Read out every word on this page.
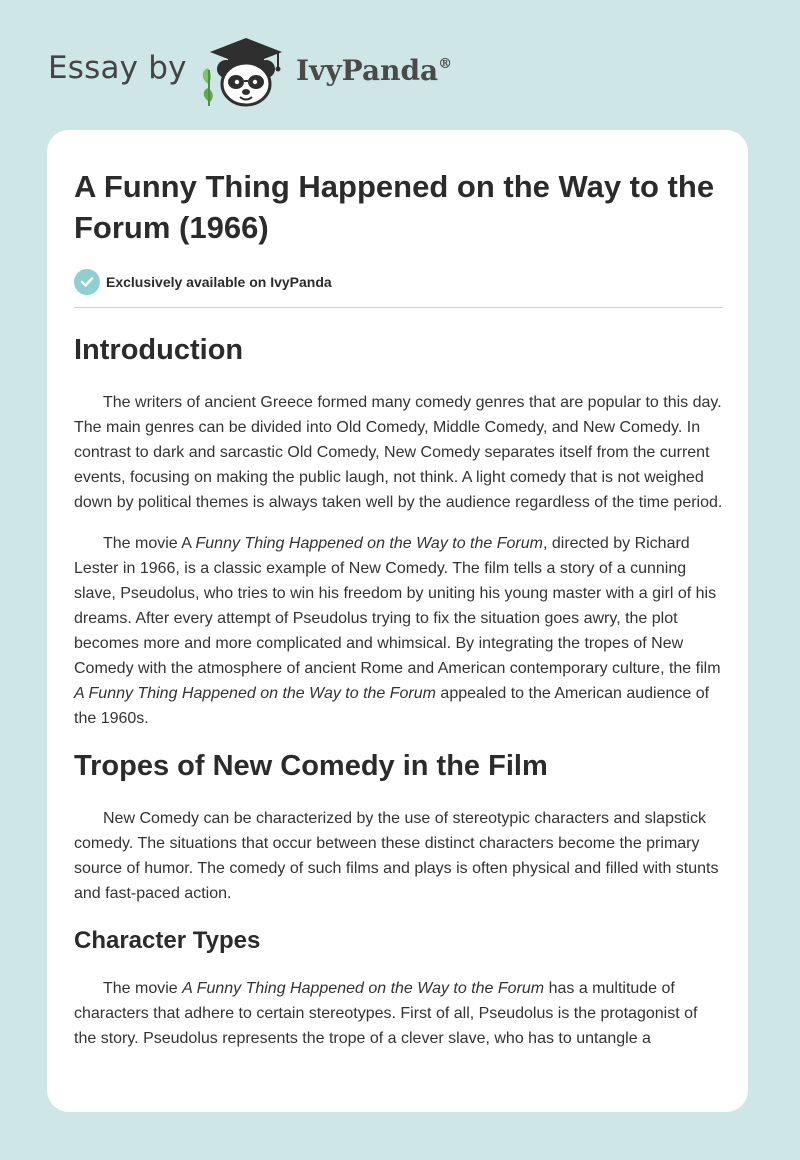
Essay by	IvyPanda®
A Funny Thing Happened on the Way to the Forum (1966)
Exclusively available on IvyPanda
Introduction

The writers of ancient Greece formed many comedy genres that are popular to this day. The main genres can be divided into Old Comedy, Middle Comedy, and New Comedy. In contrast to dark and sarcastic Old Comedy, New Comedy separates itself from the current events, focusing on making the public laugh, not think. A light comedy that is not weighed down by political themes is always taken well by the audience regardless of the time period.

The movie A Funny Thing Happened on the Way to the Forum, directed by Richard Lester in 1966, is a classic example of New Comedy. The film tells a story of a cunning slave, Pseudolus, who tries to win his freedom by uniting his young master with a girl of his dreams. After every attempt of Pseudolus trying to fix the situation goes awry, the plot becomes more and more complicated and whimsical. By integrating the tropes of New Comedy with the atmosphere of ancient Rome and American contemporary culture, the film A Funny Thing Happened on the Way to the Forum appealed to the American audience of the 1960s.

Tropes of New Comedy in the Film

New Comedy can be characterized by the use of stereotypic characters and slapstick comedy. The situations that occur between these distinct characters become the primary source of humor. The comedy of such films and plays is often physical and filled with stunts and fast-paced action.

Character Types

The movie A Funny Thing Happened on the Way to the Forum has a multitude of characters that adhere to certain stereotypes. First of all, Pseudolus is the protagonist of the story. Pseudolus represents the trope of a clever slave, who has to untangle a
